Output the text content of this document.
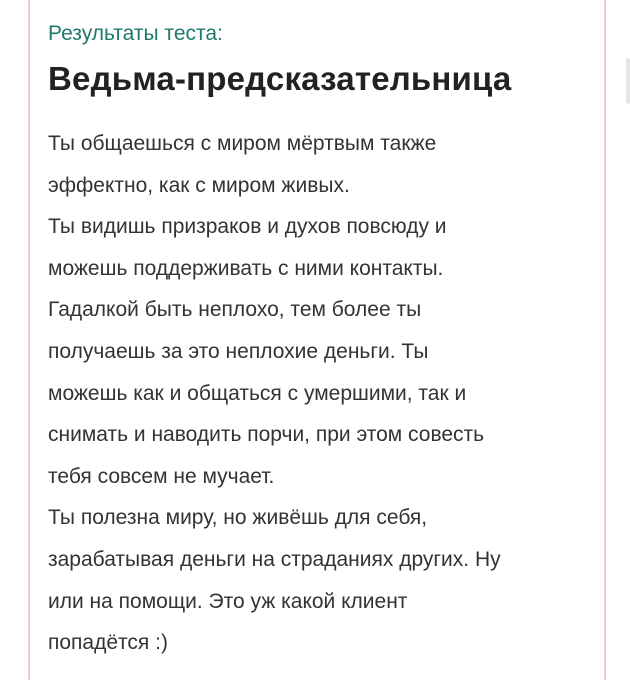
Результаты теста:
Ведьма-предсказательница
Ты общаешься с миром мёртвым также
эффектно, как с миром живых.
Ты видишь призраков и духов повсюду и
можешь поддерживать с ними контакты.
Гадалкой быть неплохо, тем более ты
получаешь за это неплохие деньги. Ты
можешь как и общаться с умершими, так и
снимать и наводить порчи, при этом совесть
тебя совсем не мучает.
Ты полезна миру, но живёшь для себя,
зарабатывая деньги на страданиях других. Ну
или на помощи. Это уж какой клиент
попадётся :)
